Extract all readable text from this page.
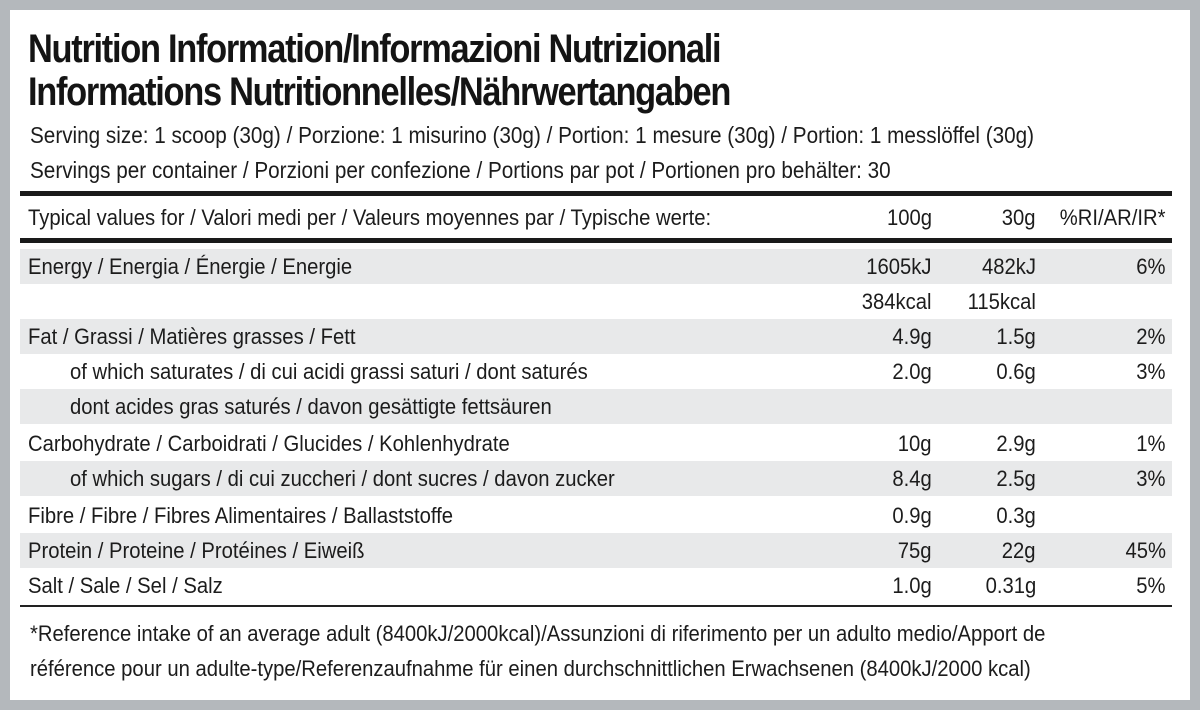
Nutrition Information/Informazioni Nutrizionali
Informations Nutritionnelles/Nährwertangaben
Serving size: 1 scoop (30g) / Porzione: 1 misurino (30g) / Portion: 1 mesure (30g) / Portion: 1 messlöffel (30g)
Servings per container / Porzioni per confezione / Portions par pot / Portionen pro behälter: 30
Typical values for / Valori medi per / Valeurs moyennes par / Typische werte:	100g	30g %RI/AR/IR*
Energy / Energia / Énergie / Energie	1605kJ 482kJ	6%
384kcal 115kcal
Fat / Grassi / Matières grasses / Fett	4.9g	1.5g	2%
of which saturates / di cui acidi grassi saturi / dont saturés	2.0g	0.6g	3%
dont acides gras saturés / davon gesättigte fettsäuren
Carbohydrate / Carboidrati / Glucides / Kohlenhydrate	10g	2.9g	1%
of which sugars / di cui zuccheri / dont sucres / davon zucker	8.4g	2.5g	3%
Fibre / Fibre / Fibres Alimentaires / Ballaststoffe	0.9g	0.3g
Protein / Proteine / Protéines / Eiweiß	75g	22g	45%
Salt / Sale / Sel / Salz	1.0g 0.31g	5%
*Reference intake of an average adult (8400kJ/2000kcal)/Assunzioni di riferimento per un adulto medio/Apport de
référence pour un adulte-type/Referenzaufnahme für einen durchschnittlichen Erwachsenen (8400kJ/2000 kcal)
